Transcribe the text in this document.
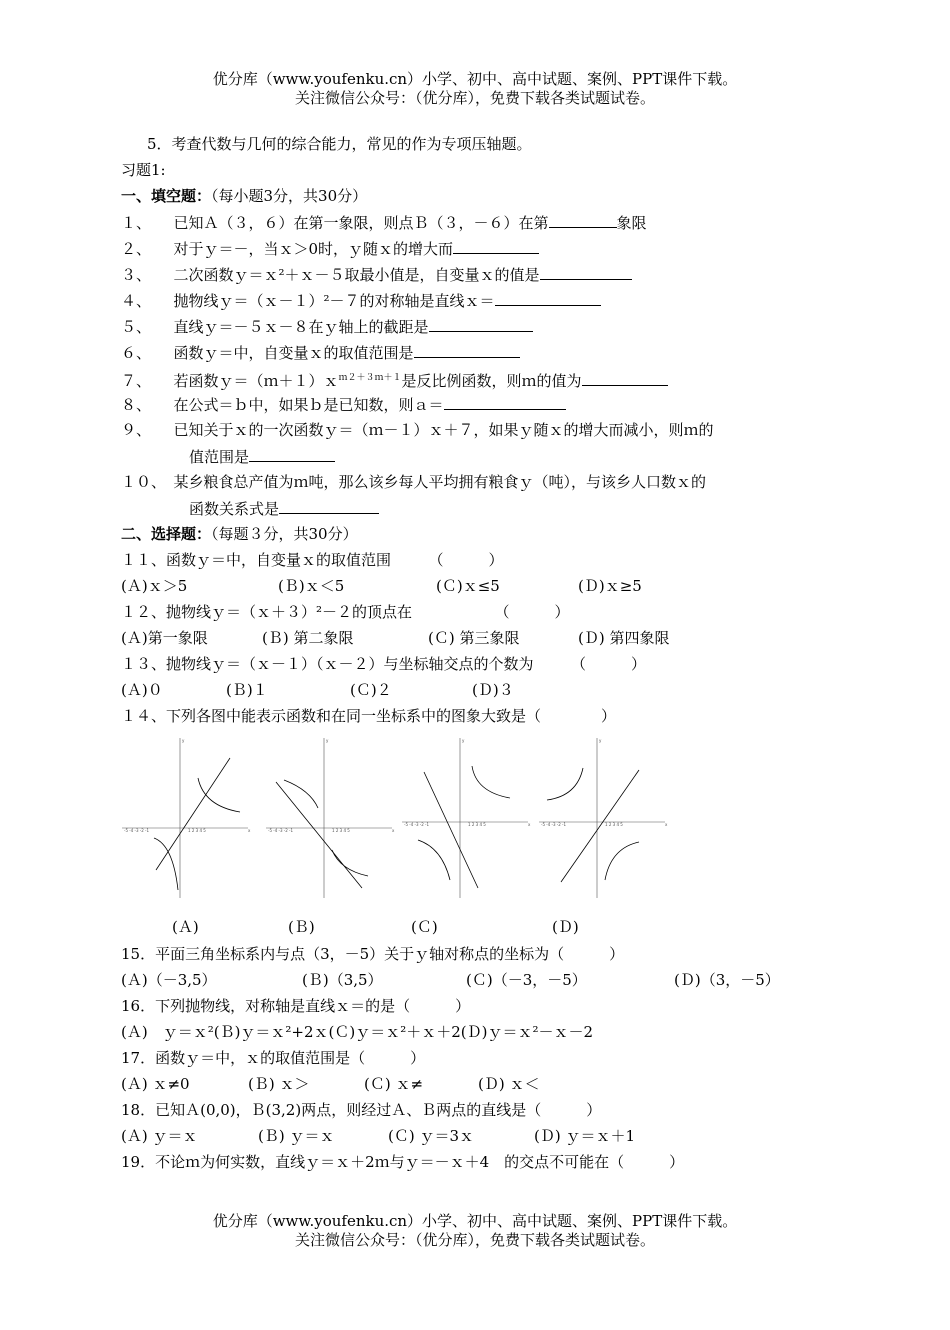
优分库（www.youfenku.cn）小学、初中、高中试题、案例、PPT课件下载。
关注微信公众号：（优分库），免费下载各类试题试卷。
5．考查代数与几何的综合能力，常见的作为专项压轴题。
习题1:
一、填空题：（每小题3分，共30分）
１、　　已知Ａ（３，６）在第一象限，则点Ｂ（３，－６）在第	象限
２、　　对于ｙ＝－，当ｘ＞0时，ｙ随ｘ的增大而
３、　　二次函数ｙ＝ｘ²＋ｘ－５取最小值是，自变量ｘ的值是
４、　　抛物线ｙ＝（ｘ－１）²－７的对称轴是直线ｘ＝
５、　　直线ｙ＝－５ｘ－８在ｙ轴上的截距是
６、　　函数ｙ＝中，自变量ｘ的取值范围是
７、　　若函数ｙ＝（ｍ＋１）ｘ$^{m2+3m+1}$是反比例函数，则ｍ的值为
８、　　在公式＝ｂ中，如果ｂ是已知数，则ａ＝
９、　　已知关于ｘ的一次函数ｙ＝（ｍ－１）ｘ＋７，如果ｙ随ｘ的增大而减小，则ｍ的
值范围是
１０、　某乡粮食总产值为ｍ吨，那么该乡每人平均拥有粮食ｙ（吨），与该乡人口数ｘ的
函数关系式是
二、选择题：（每题３分，共30分）
１１、函数ｙ＝中，自变量ｘ的取值范围　　　（　　　）
(Ａ)ｘ＞5	(Ｂ)ｘ＜5	(Ｃ)ｘ≤5	(Ｄ)ｘ≥5
１２、抛物线ｙ＝（ｘ＋３）²－２的顶点在　　　　　　（　　　）
(Ａ)第一象限	(Ｂ) 第二象限	(Ｃ) 第三象限	(Ｄ) 第四象限
１３、抛物线ｙ＝（ｘ－１）（ｘ－２）与坐标轴交点的个数为　　　（　　　）
(Ａ)０	(Ｂ)１	(Ｃ)２	(Ｄ)３
１４、下列各图中能表示函数和在同一坐标系中的图象大致是（　　　　）
-5 -4 -3 -2 -1	1 2 3 4 5	x
y
-5 -4 -3 -2 -1	1 2 3 4 5	x
y
-5 -4 -3 -2 -1	1 2 3 4 5	x
y
-5 -4 -3 -2 -1	1 2 3 4 5	x
y
(Ａ)	(Ｂ)	(Ｃ)	(Ｄ)
15．平面三角坐标系内与点（3，－5）关于ｙ轴对称点的坐标为（　　　）
(Ａ)（－3,5）	(Ｂ)（3,5）	(Ｃ)（－3，－5）	(Ｄ)（3，－5）
16．下列抛物线，对称轴是直线ｘ＝的是（　　　）
(Ａ)　ｙ＝ｘ²(Ｂ)ｙ＝ｘ²+2ｘ(Ｃ)ｙ＝ｘ²＋ｘ＋2(Ｄ)ｙ＝ｘ²－ｘ－2
17．函数ｙ＝中，ｘ的取值范围是（　　　）
(Ａ) ｘ≠0	(Ｂ) ｘ＞	(Ｃ) ｘ≠	(Ｄ) ｘ＜
18．已知Ａ(0,0)，Ｂ(3,2)两点，则经过Ａ、Ｂ两点的直线是（　　　）
(Ａ) ｙ＝ｘ	(Ｂ) ｙ＝ｘ	(Ｃ) ｙ＝3ｘ	(Ｄ) ｙ＝ｘ＋1
19．不论ｍ为何实数，直线ｙ＝ｘ＋2ｍ与ｙ＝－ｘ＋4　的交点不可能在（　　　）
优分库（www.youfenku.cn）小学、初中、高中试题、案例、PPT课件下载。
关注微信公众号：（优分库），免费下载各类试题试卷。
